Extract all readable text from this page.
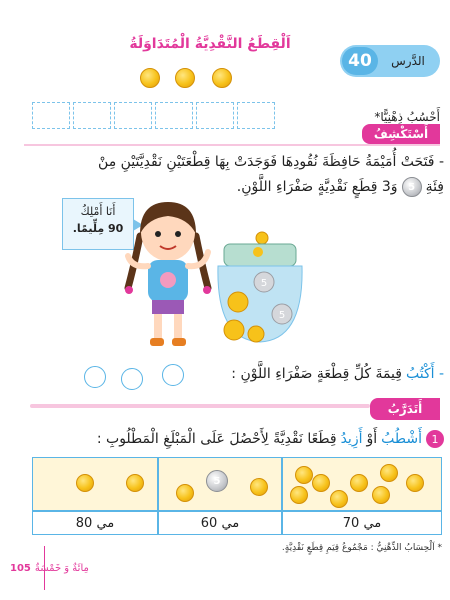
40	الدَّرس
اَلْقِطَعُ النَّقْدِيَّةُ الْمُتَدَاوَلَةُ
أَحْسُبُ ذِهْنِيًّا*
أَسْتَكْشِفُ
- فَتَحَتْ أُمَيْمَةُ حَافِظَةَ نُقُودِهَا فَوَجَدَتْ بِهَا قِطْعَتَيْنِ نَقْدِيَّتَيْنِ مِنْ
فِئَةِ
5
وَ3 قِطَعٍ نَقْدِيَّةٍ صَفْرَاءِ اللَّوْنِ.
أَنَا أَمْلِكُ
90 مِلِّيمًا.
5
5
- أَكْتُبُ
قِيمَةَ كُلِّ قِطْعَةٍ صَفْرَاءِ اللَّوْنِ :
أَتَدَرَّبُ
1
أَشْطُبُ
أَوْ
أَزِيدُ
قِطَعًا نَقْدِيَّةً لِأَحْصُلَ عَلَى الْمَبْلَغِ الْمَطْلُوبِ :
70 مي
60 مي
80 مي
5
* اَلْحِسَابُ الذِّهْنِيُّ : مَجْمُوعُ قِيَمِ قِطَعٍ نَقْدِيَّةٍ.
105 مِائَةٌ وَ خَمْسَةٌ
